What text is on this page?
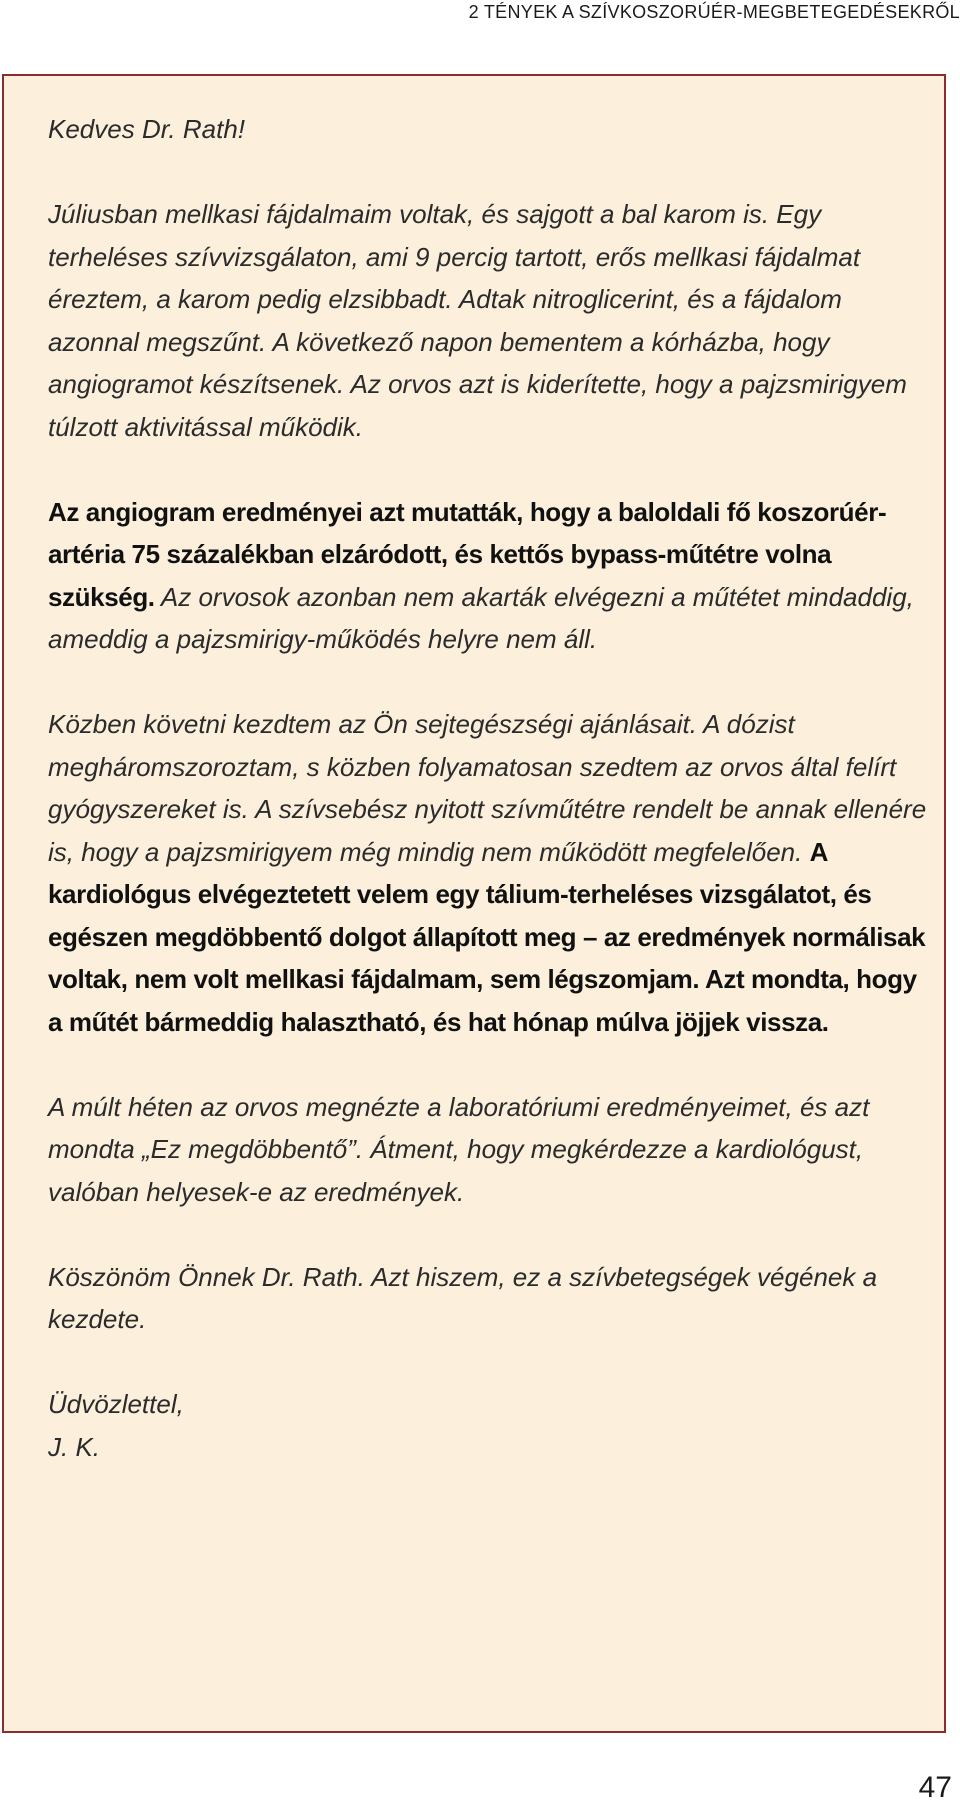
2 TÉNYEK A SZÍVKOSZORÚÉR-MEGBETEGEDÉSEKRŐL

Kedves Dr. Rath!

Júliusban mellkasi fájdalmaim voltak, és sajgott a bal karom is. Egy terheléses szívvizsgálaton, ami 9 percig tartott, erős mellkasi fájdalmat éreztem, a karom pedig elzsibbadt. Adtak nitroglicerint, és a fájdalom azonnal megszűnt. A következő napon bementem a kórházba, hogy angiogramot készítsenek. Az orvos azt is kiderítette, hogy a pajzsmirigyem túlzott aktivitással működik.

Az angiogram eredményei azt mutatták, hogy a baloldali fő koszorúér-artéria 75 százalékban elzáródott, és kettős bypass-műtétre volna szükség. Az orvosok azonban nem akarták elvégezni a műtétet mindaddig, ameddig a pajzsmirigy-működés helyre nem áll.

Közben követni kezdtem az Ön sejtegészségi ajánlásait. A dózist megháromszoroztam, s közben folyamatosan szedtem az orvos által felírt gyógyszereket is. A szívsebész nyitott szívműtétre rendelt be annak ellenére is, hogy a pajzsmirigyem még mindig nem működött megfelelően. A kardiológus elvégeztetett velem egy tálium-terheléses vizsgálatot, és egészen megdöbbentő dolgot állapított meg – az eredmények normálisak voltak, nem volt mellkasi fájdalmam, sem légszomjam. Azt mondta, hogy a műtét bármeddig halasztható, és hat hónap múlva jöjjek vissza.

A múlt héten az orvos megnézte a laboratóriumi eredményeimet, és azt mondta „Ez megdöbbentő”. Átment, hogy megkérdezze a kardiológust, valóban helyesek-e az eredmények.

Köszönöm Önnek Dr. Rath. Azt hiszem, ez a szívbetegségek végének a kezdete.

Üdvözlettel,

J. K.

47
